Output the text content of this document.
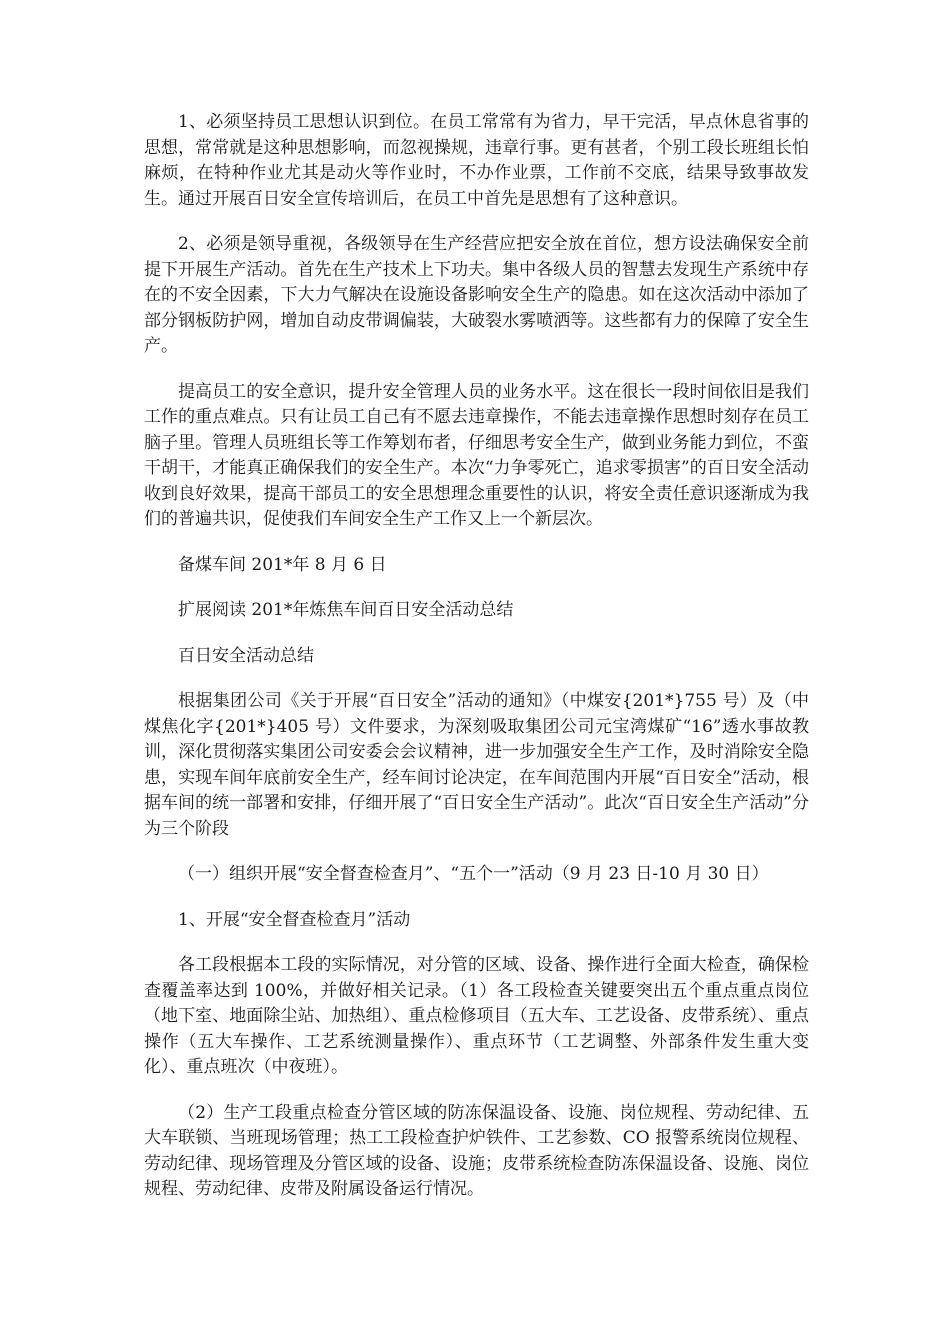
1、必须坚持员工思想认识到位。在员工常常有为省力，早干完活，早点休息省事的思想，常常就是这种思想影响，而忽视操规，违章行事。更有甚者，个别工段长班组长怕麻烦，在特种作业尤其是动火等作业时，不办作业票，工作前不交底，结果导致事故发生。通过开展百日安全宣传培训后，在员工中首先是思想有了这种意识。

2、必须是领导重视，各级领导在生产经营应把安全放在首位，想方设法确保安全前提下开展生产活动。首先在生产技术上下功夫。集中各级人员的智慧去发现生产系统中存在的不安全因素，下大力气解决在设施设备影响安全生产的隐患。如在这次活动中添加了部分钢板防护网，增加自动皮带调偏装，大破裂水雾喷洒等。这些都有力的保障了安全生产。

提高员工的安全意识，提升安全管理人员的业务水平。这在很长一段时间依旧是我们工作的重点难点。只有让员工自己有不愿去违章操作，不能去违章操作思想时刻存在员工脑子里。管理人员班组长等工作筹划布者，仔细思考安全生产，做到业务能力到位，不蛮干胡干，才能真正确保我们的安全生产。本次“力争零死亡，追求零损害”的百日安全活动收到良好效果，提高干部员工的安全思想理念重要性的认识，将安全责任意识逐渐成为我们的普遍共识，促使我们车间安全生产工作又上一个新层次。

备煤车间 201*年 8 月 6 日

扩展阅读 201*年炼焦车间百日安全活动总结

百日安全活动总结

根据集团公司《关于开展“百日安全”活动的通知》（中煤安{201*}755 号）及（中煤焦化字{201*}405 号）文件要求，为深刻吸取集团公司元宝湾煤矿“16”透水事故教训，深化贯彻落实集团公司安委会会议精神，进一步加强安全生产工作，及时消除安全隐患，实现车间年底前安全生产，经车间讨论决定，在车间范围内开展“百日安全”活动，根据车间的统一部署和安排，仔细开展了“百日安全生产活动”。此次“百日安全生产活动”分为三个阶段

（一）组织开展“安全督查检查月”、“五个一”活动（9 月 23 日-10 月 30 日）

1、开展“安全督查检查月”活动

各工段根据本工段的实际情况，对分管的区域、设备、操作进行全面大检查，确保检查覆盖率达到 100%，并做好相关记录。（1）各工段检查关键要突出五个重点重点岗位（地下室、地面除尘站、加热组）、重点检修项目（五大车、工艺设备、皮带系统）、重点操作（五大车操作、工艺系统测量操作）、重点环节（工艺调整、外部条件发生重大变化）、重点班次（中夜班）。

（2）生产工段重点检查分管区域的防冻保温设备、设施、岗位规程、劳动纪律、五大车联锁、当班现场管理；热工工段检查护炉铁件、工艺参数、CO 报警系统岗位规程、劳动纪律、现场管理及分管区域的设备、设施；皮带系统检查防冻保温设备、设施、岗位规程、劳动纪律、皮带及附属设备运行情况。
